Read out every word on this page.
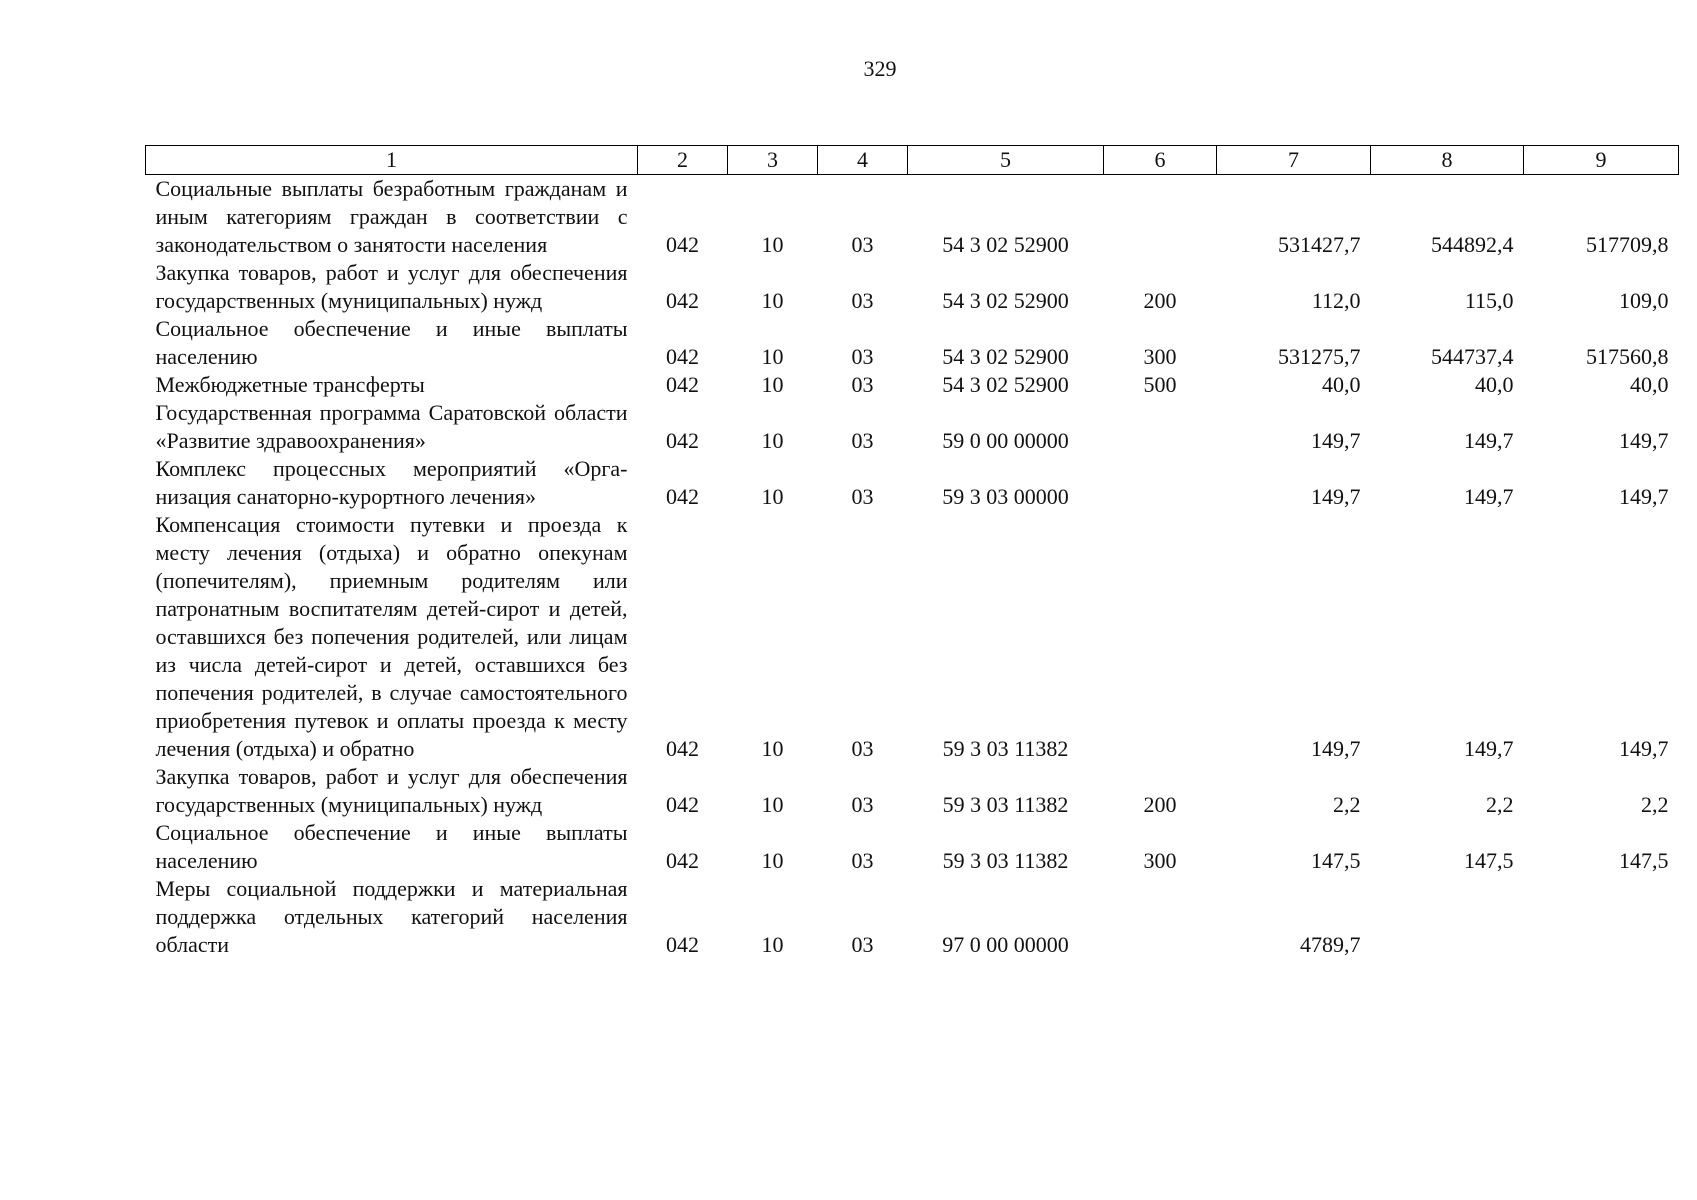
329
1	2	3	4	5	6	7	8	9
Социальные выплаты безработным гражданам и иным категориям граждан в соответствии с законодательством о занятости населения	042	10	03	54 3 02 52900		531427,7	544892,4	517709,8
Закупка товаров, работ и услуг для обеспечения государственных (муниципальных) нужд	042	10	03	54 3 02 52900	200	112,0	115,0	109,0
Социальное обеспечение и иные выплаты населению	042	10	03	54 3 02 52900	300	531275,7	544737,4	517560,8
Межбюджетные трансферты	042	10	03	54 3 02 52900	500	40,0	40,0	40,0
Государственная программа Саратовской области «Развитие здравоохранения»	042	10	03	59 0 00 00000		149,7	149,7	149,7
Комплекс процессных мероприятий «Организация санаторно-курортного лечения»	042	10	03	59 3 03 00000		149,7	149,7	149,7
Компенсация стоимости путевки и проезда к месту лечения (отдыха) и обратно опекунам (попечителям), приемным родителям или патронатным воспитателям детей-сирот и детей, оставшихся без попечения родителей, или лицам из числа детей-сирот и детей, оставшихся без попечения родителей, в случае самостоятельного приобретения путевок и оплаты проезда к месту лечения (отдыха) и обратно	042	10	03	59 3 03 11382		149,7	149,7	149,7
Закупка товаров, работ и услуг для обеспечения государственных (муниципальных) нужд	042	10	03	59 3 03 11382	200	2,2	2,2	2,2
Социальное обеспечение и иные выплаты населению	042	10	03	59 3 03 11382	300	147,5	147,5	147,5
Меры социальной поддержки и материальная поддержка отдельных категорий населения области	042	10	03	97 0 00 00000		4789,7		
